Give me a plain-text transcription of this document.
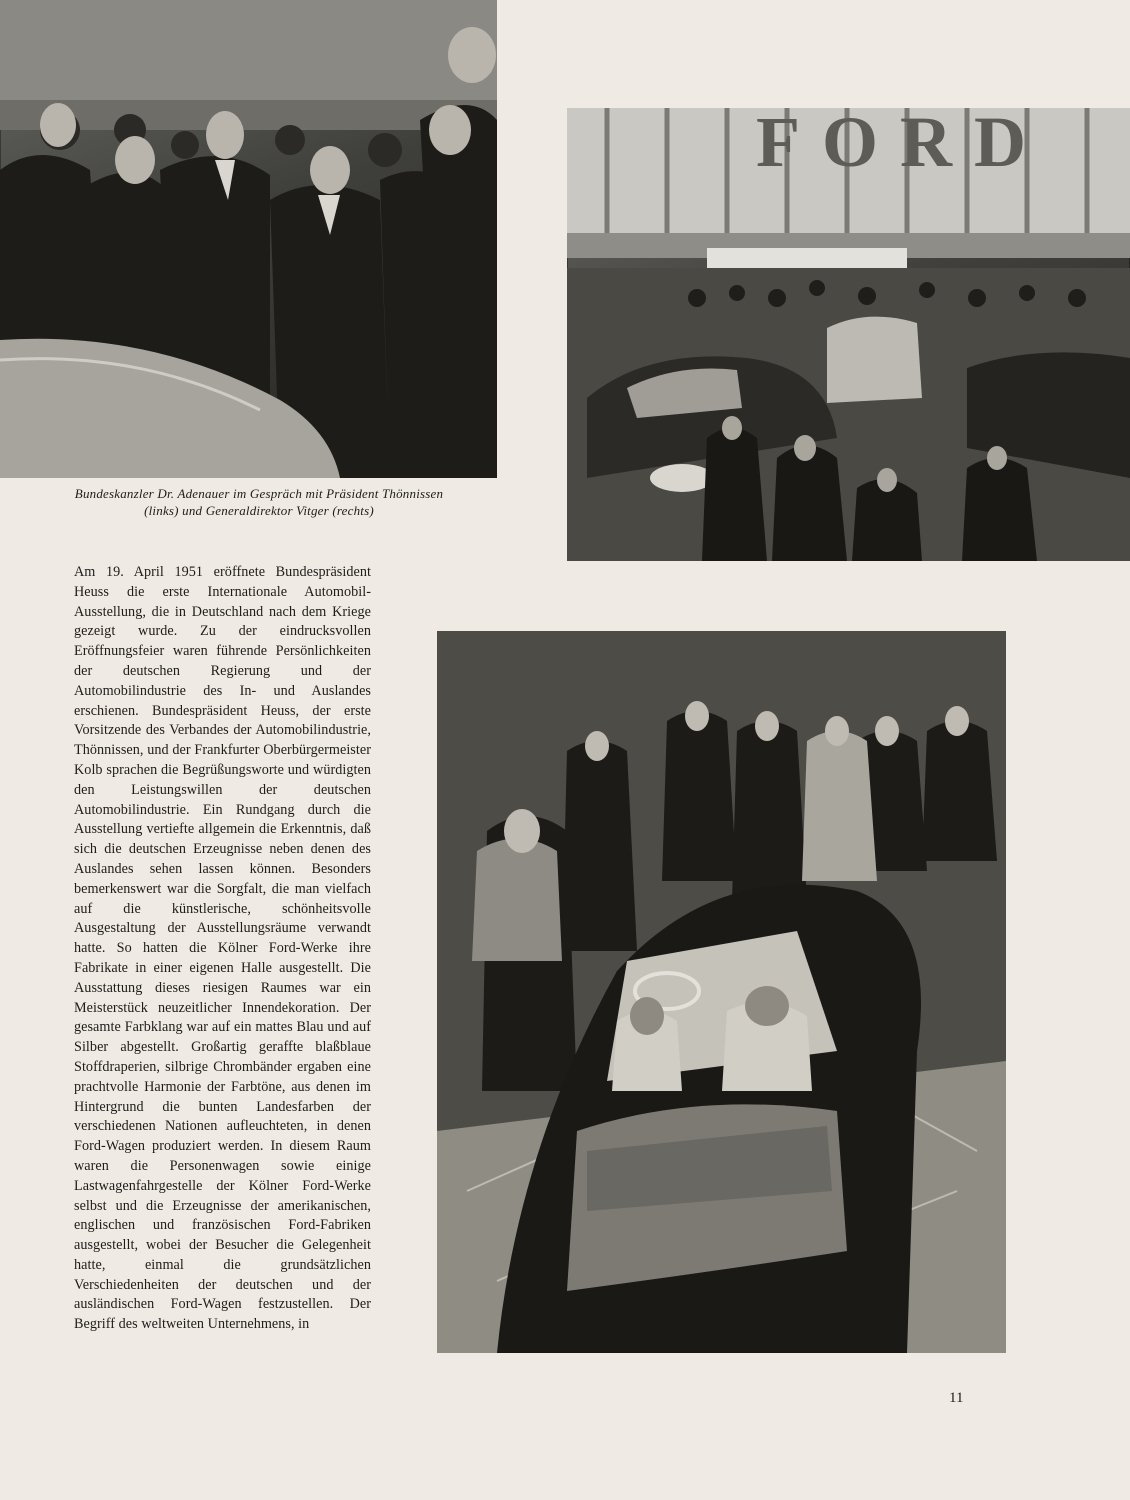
FORD

Bundeskanzler Dr. Adenauer im Gespräch mit Präsident Thönnissen (links) und Generaldirektor Vitger (rechts)

Am 19. April 1951 eröffnete Bundespräsident Heuss die erste Internationale Automobil-Ausstellung, die in Deutschland nach dem Kriege gezeigt wurde. Zu der eindrucksvollen Eröffnungsfeier waren führende Persönlichkeiten der deutschen Regierung und der Automobilindustrie des In- und Auslandes erschienen. Bundespräsident Heuss, der erste Vorsitzende des Verbandes der Automobilindustrie, Thönnissen, und der Frankfurter Oberbürgermeister Kolb sprachen die Begrüßungsworte und würdigten den Leistungswillen der deutschen Automobilindustrie. Ein Rundgang durch die Ausstellung vertiefte allgemein die Erkenntnis, daß sich die deutschen Erzeugnisse neben denen des Auslandes sehen lassen können. Besonders bemerkenswert war die Sorgfalt, die man vielfach auf die künstlerische, schönheitsvolle Ausgestaltung der Ausstellungsräume verwandt hatte. So hatten die Kölner Ford-Werke ihre Fabrikate in einer eigenen Halle ausgestellt. Die Ausstattung dieses riesigen Raumes war ein Meisterstück neuzeitlicher Innendekoration. Der gesamte Farbklang war auf ein mattes Blau und auf Silber abgestellt. Großartig geraffte blaßblaue Stoffdraperien, silbrige Chrombänder ergaben eine prachtvolle Harmonie der Farbtöne, aus denen im Hintergrund die bunten Landesfarben der verschiedenen Nationen aufleuchteten, in denen Ford-Wagen produziert werden. In diesem Raum waren die Personenwagen sowie einige Lastwagenfahrgestelle der Kölner Ford-Werke selbst und die Erzeugnisse der amerikanischen, englischen und französischen Ford-Fabriken ausgestellt, wobei der Besucher die Gelegenheit hatte, einmal die grundsätzlichen Verschiedenheiten der deutschen und der ausländischen Ford-Wagen festzustellen. Der Begriff des weltweiten Unternehmens, in

11
